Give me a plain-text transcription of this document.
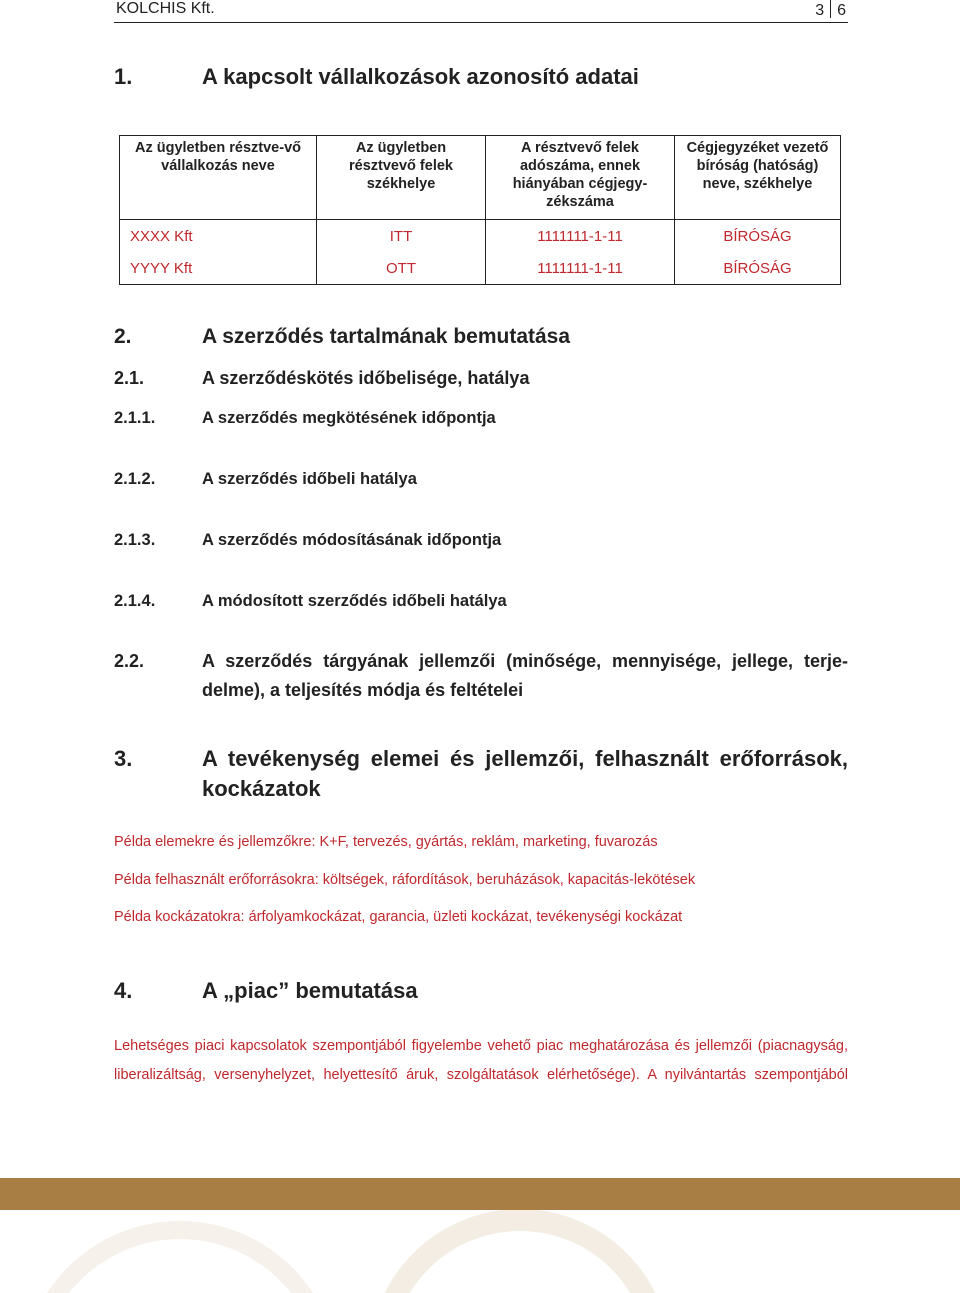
KOLCHIS Kft.	3 6
1.	A kapcsolt vállalkozások azonosító adatai
Az ügyletben résztve-vő vállalkozás neve	Az ügyletben résztvevő felek székhelye	A résztvevő felek adószáma, ennek hiányában cégjegy-zékszáma	Cégjegyzéket vezető bíróság (hatóság) neve, székhelye
XXXX Kft	ITT	1111111-1-11	BÍRÓSÁG
YYYY Kft	OTT	1111111-1-11	BÍRÓSÁG
2.	A szerződés tartalmának bemutatása
2.1.	A szerződéskötés időbelisége, hatálya
2.1.1.	A szerződés megkötésének időpontja
2.1.2.	A szerződés időbeli hatálya
2.1.3.	A szerződés módosításának időpontja
2.1.4.	A módosított szerződés időbeli hatálya
2.2.	A szerződés tárgyának jellemzői (minősége, mennyisége, jellege, terje-delme), a teljesítés módja és feltételei
3.	A tevékenység elemei és jellemzői, felhasznált erőforrások, kockázatok
Példa elemekre és jellemzőkre: K+F, tervezés, gyártás, reklám, marketing, fuvarozás
Példa felhasznált erőforrásokra: költségek, ráfordítások, beruházások, kapacitás-lekötések
Példa kockázatokra: árfolyamkockázat, garancia, üzleti kockázat, tevékenységi kockázat
4.	A „piac” bemutatása
Lehetséges piaci kapcsolatok szempontjából figyelembe vehető piac meghatározása és jellemzői (piacnagyság, liberalizáltság, versenyhelyzet, helyettesítő áruk, szolgáltatások elérhetősége). A nyilvántartás szempontjából
